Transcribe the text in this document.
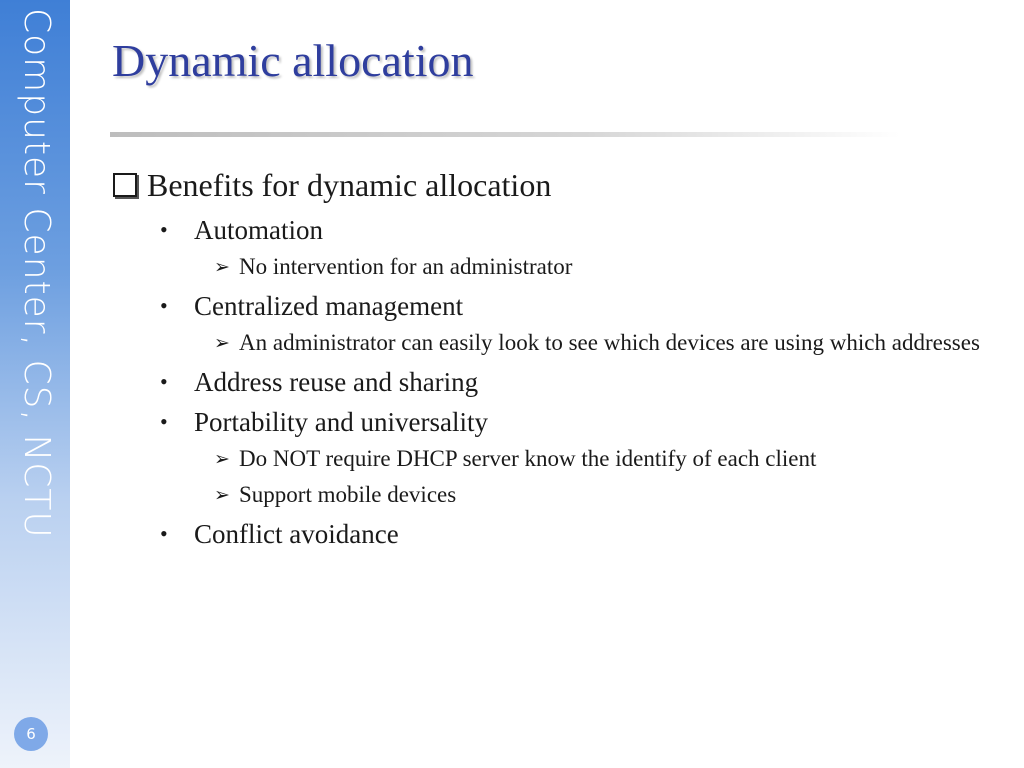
Computer Center, CS, NCTU
6
Dynamic allocation
Benefits for dynamic allocation
• Automation
➢ No intervention for an administrator
• Centralized management
➢ An administrator can easily look to see which devices are using which addresses
• Address reuse and sharing
• Portability and universality
➢ Do NOT require DHCP server know the identify of each client
➢ Support mobile devices
• Conflict avoidance
